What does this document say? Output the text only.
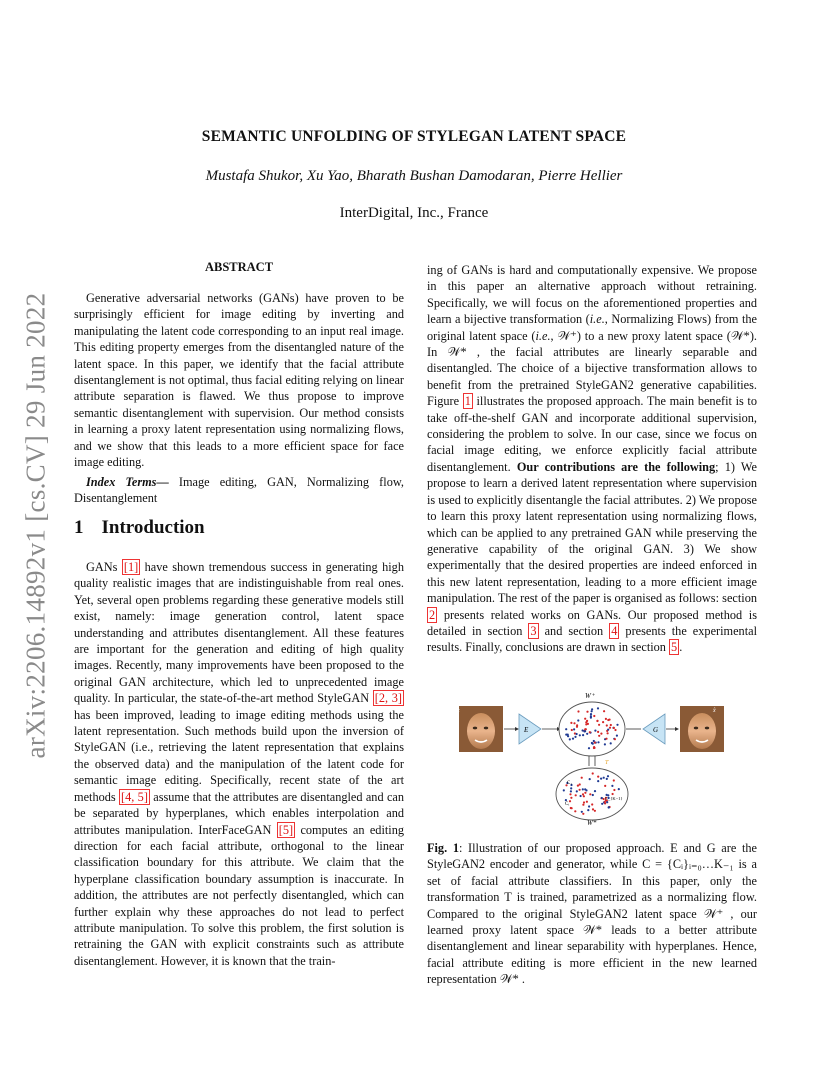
SEMANTIC UNFOLDING OF STYLEGAN LATENT SPACE
Mustafa Shukor, Xu Yao, Bharath Bushan Damodaran, Pierre Hellier
InterDigital, Inc., France
arXiv:2206.14892v1 [cs.CV] 29 Jun 2022
ABSTRACT

Generative adversarial networks (GANs) have proven to be surprisingly efficient for image editing by inverting and manipulating the latent code corresponding to an input real image. This editing property emerges from the disentangled nature of the latent space. In this paper, we identify that the facial attribute disentanglement is not optimal, thus facial editing relying on linear attribute separation is flawed. We thus propose to improve semantic disentanglement with supervision. Our method consists in learning a proxy latent representation using normalizing flows, and we show that this leads to a more efficient space for face image editing.

Index Terms— Image editing, GAN, Normalizing flow, Disentanglement

1 Introduction

GANs [1] have shown tremendous success in generating high quality realistic images that are indistinguishable from real ones. Yet, several open problems regarding these generative models still exist, namely: image generation control, latent space understanding and attributes disentanglement. All these features are important for the generation and editing of high quality images. Recently, many improvements have been proposed to the original GAN architecture, which led to unprecedented image quality. In particular, the state-of-the-art method StyleGAN [2, 3] has been improved, leading to image editing methods using the latent representation. Such methods build upon the inversion of StyleGAN (i.e., retrieving the latent representation that explains the observed data) and the manipulation of the latent code for semantic image editing. Specifically, recent state of the art methods [4, 5] assume that the attributes are disentangled and can be separated by hyperplanes, which enables interpolation and attributes manipulation. InterFaceGAN [5] computes an editing direction for each facial attribute, orthogonal to the linear classification boundary for this attribute. We claim that the hyperplane classification boundary assumption is inaccurate. In addition, the attributes are not perfectly disentangled, which can further explain why these approaches do not lead to perfect attribute manipulation. To solve this problem, the first solution is retraining the GAN with explicit constraints such as attribute disentanglement. However, it is known that the train-

ing of GANs is hard and computationally expensive. We propose in this paper an alternative approach without retraining. Specifically, we will focus on the aforementioned properties and learn a bijective transformation (i.e., Normalizing Flows) from the original latent space (i.e., 𝒲⁺) to a new proxy latent space (𝒲*). In 𝒲* , the facial attributes are linearly separable and disentangled. The choice of a bijective transformation allows to benefit from the pretrained StyleGAN2 generative capabilities. Figure 1 illustrates the proposed approach. The main benefit is to take off-the-shelf GAN and incorporate additional supervision, considering the problem to solve. In our case, since we focus on facial image editing, we enforce explicitly facial attribute disentanglement. Our contributions are the following; 1) We propose to learn a derived latent representation where supervision is used to explicitly disentangle the facial attributes. 2) We propose to learn this proxy latent representation using normalizing flows, which can be applied to any pretrained GAN while preserving the generative capability of the original GAN. 3) We show experimentally that the desired properties are indeed enforced in this new latent representation, leading to a more efficient image manipulation. The rest of the paper is organised as follows: section 2 presents related works on GANs. Our proposed method is detailed in section 3 and section 4 presents the experimental results. Finally, conclusions are drawn in section 5 .

x
E
W⁺
T
C₁
Cᵢ
C_{K−1}
W*
G
x̂
Fig. 1: Illustration of our proposed approach. E and G are the StyleGAN2 encoder and generator, while C = {Cᵢ}ᵢ₌₀…K₋₁ is a set of facial attribute classifiers. In this paper, only the transformation T is trained, parametrized as a normalizing flow. Compared to the original StyleGAN2 latent space 𝒲⁺ , our learned proxy latent space 𝒲* leads to a better attribute disentanglement and linear separability with hyperplanes. Hence, facial attribute editing is more efficient in the new learned representation 𝒲* .
